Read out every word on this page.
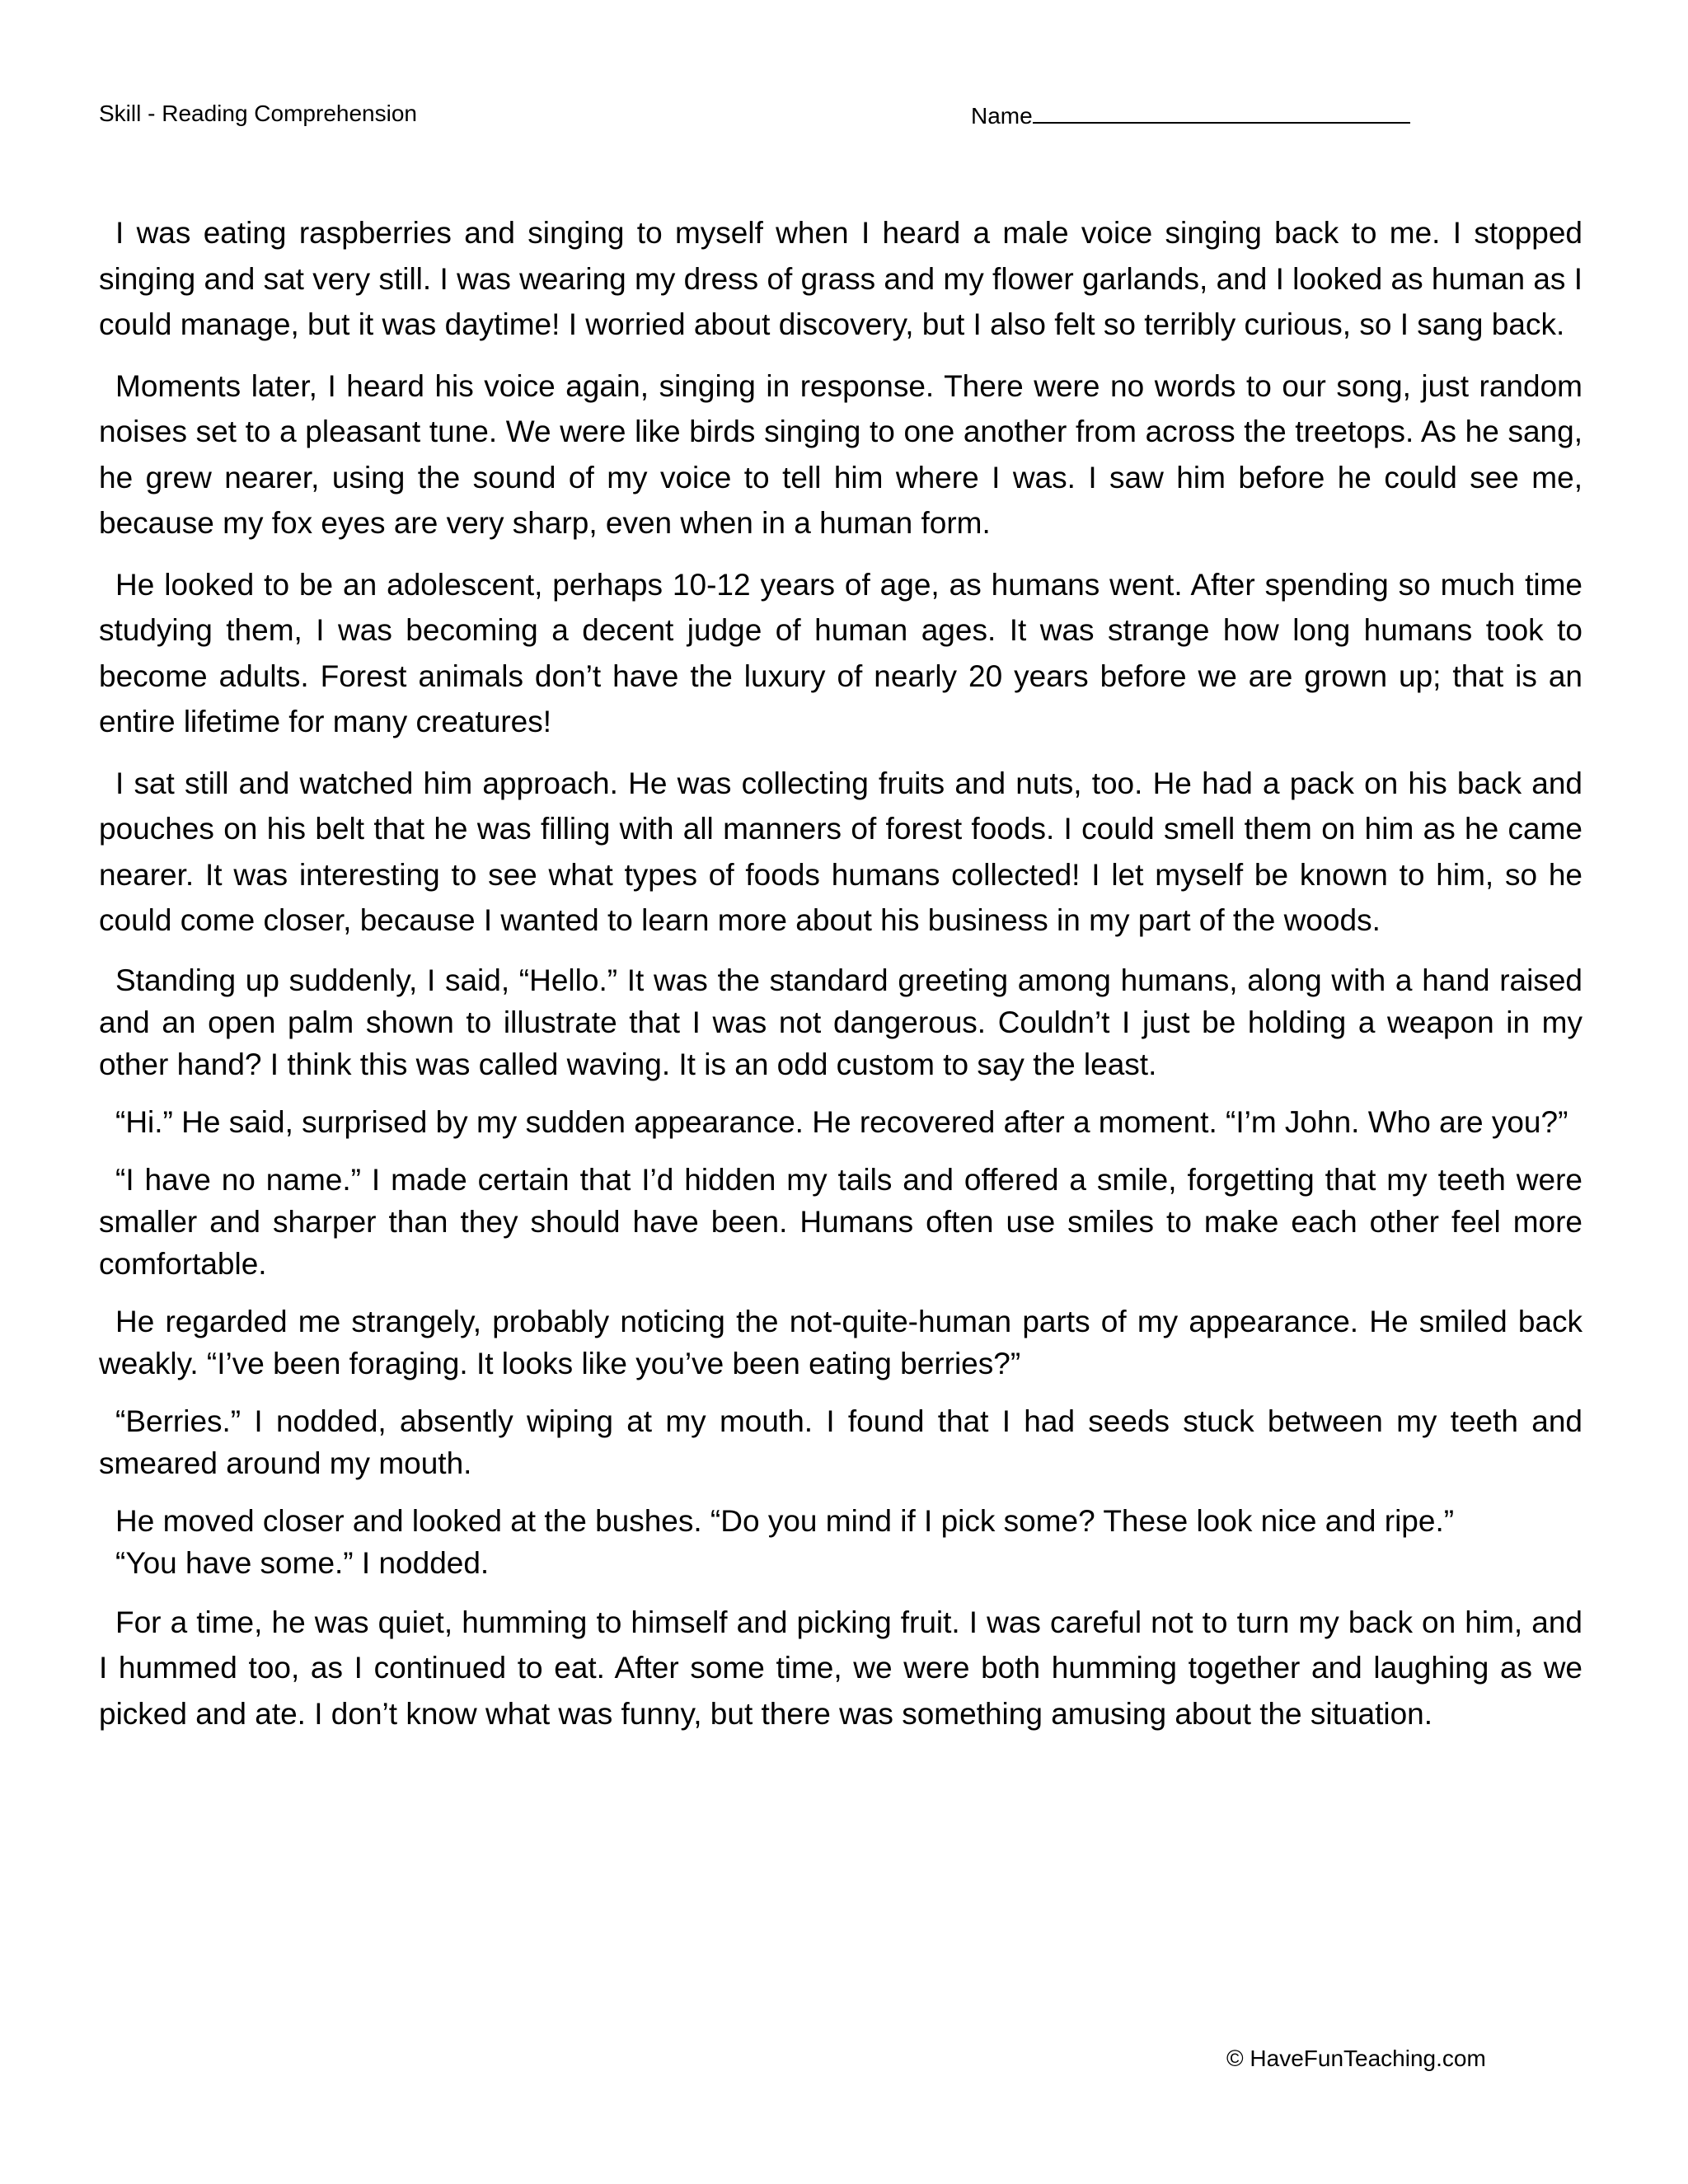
Skill - Reading Comprehension	Name

I was eating raspberries and singing to myself when I heard a male voice singing back to me. I stopped singing and sat very still. I was wearing my dress of grass and my flower garlands, and I looked as human as I could manage, but it was daytime! I worried about discovery, but I also felt so terribly curious, so I sang back.

Moments later, I heard his voice again, singing in response. There were no words to our song, just random noises set to a pleasant tune. We were like birds singing to one another from across the treetops. As he sang, he grew nearer, using the sound of my voice to tell him where I was. I saw him before he could see me, because my fox eyes are very sharp, even when in a human form.

He looked to be an adolescent, perhaps 10-12 years of age, as humans went. After spending so much time studying them, I was becoming a decent judge of human ages. It was strange how long humans took to become adults. Forest animals don’t have the luxury of nearly 20 years before we are grown up; that is an entire lifetime for many creatures!

I sat still and watched him approach. He was collecting fruits and nuts, too. He had a pack on his back and pouches on his belt that he was filling with all manners of forest foods. I could smell them on him as he came nearer. It was interesting to see what types of foods humans collected! I let myself be known to him, so he could come closer, because I wanted to learn more about his business in my part of the woods.

Standing up suddenly, I said, “Hello.” It was the standard greeting among humans, along with a hand raised and an open palm shown to illustrate that I was not dangerous. Couldn’t I just be holding a weapon in my other hand? I think this was called waving. It is an odd custom to say the least.

“Hi.” He said, surprised by my sudden appearance. He recovered after a moment. “I’m John. Who are you?”

“I have no name.” I made certain that I’d hidden my tails and offered a smile, forgetting that my teeth were smaller and sharper than they should have been. Humans often use smiles to make each other feel more comfortable.

He regarded me strangely, probably noticing the not-quite-human parts of my appearance. He smiled back weakly. “I’ve been foraging. It looks like you’ve been eating berries?”

“Berries.” I nodded, absently wiping at my mouth. I found that I had seeds stuck between my teeth and smeared around my mouth.

He moved closer and looked at the bushes. “Do you mind if I pick some? These look nice and ripe.”
“You have some.” I nodded.

For a time, he was quiet, humming to himself and picking fruit. I was careful not to turn my back on him, and I hummed too, as I continued to eat. After some time, we were both humming together and laughing as we picked and ate. I don’t know what was funny, but there was something amusing about the situation.

© HaveFunTeaching.com
